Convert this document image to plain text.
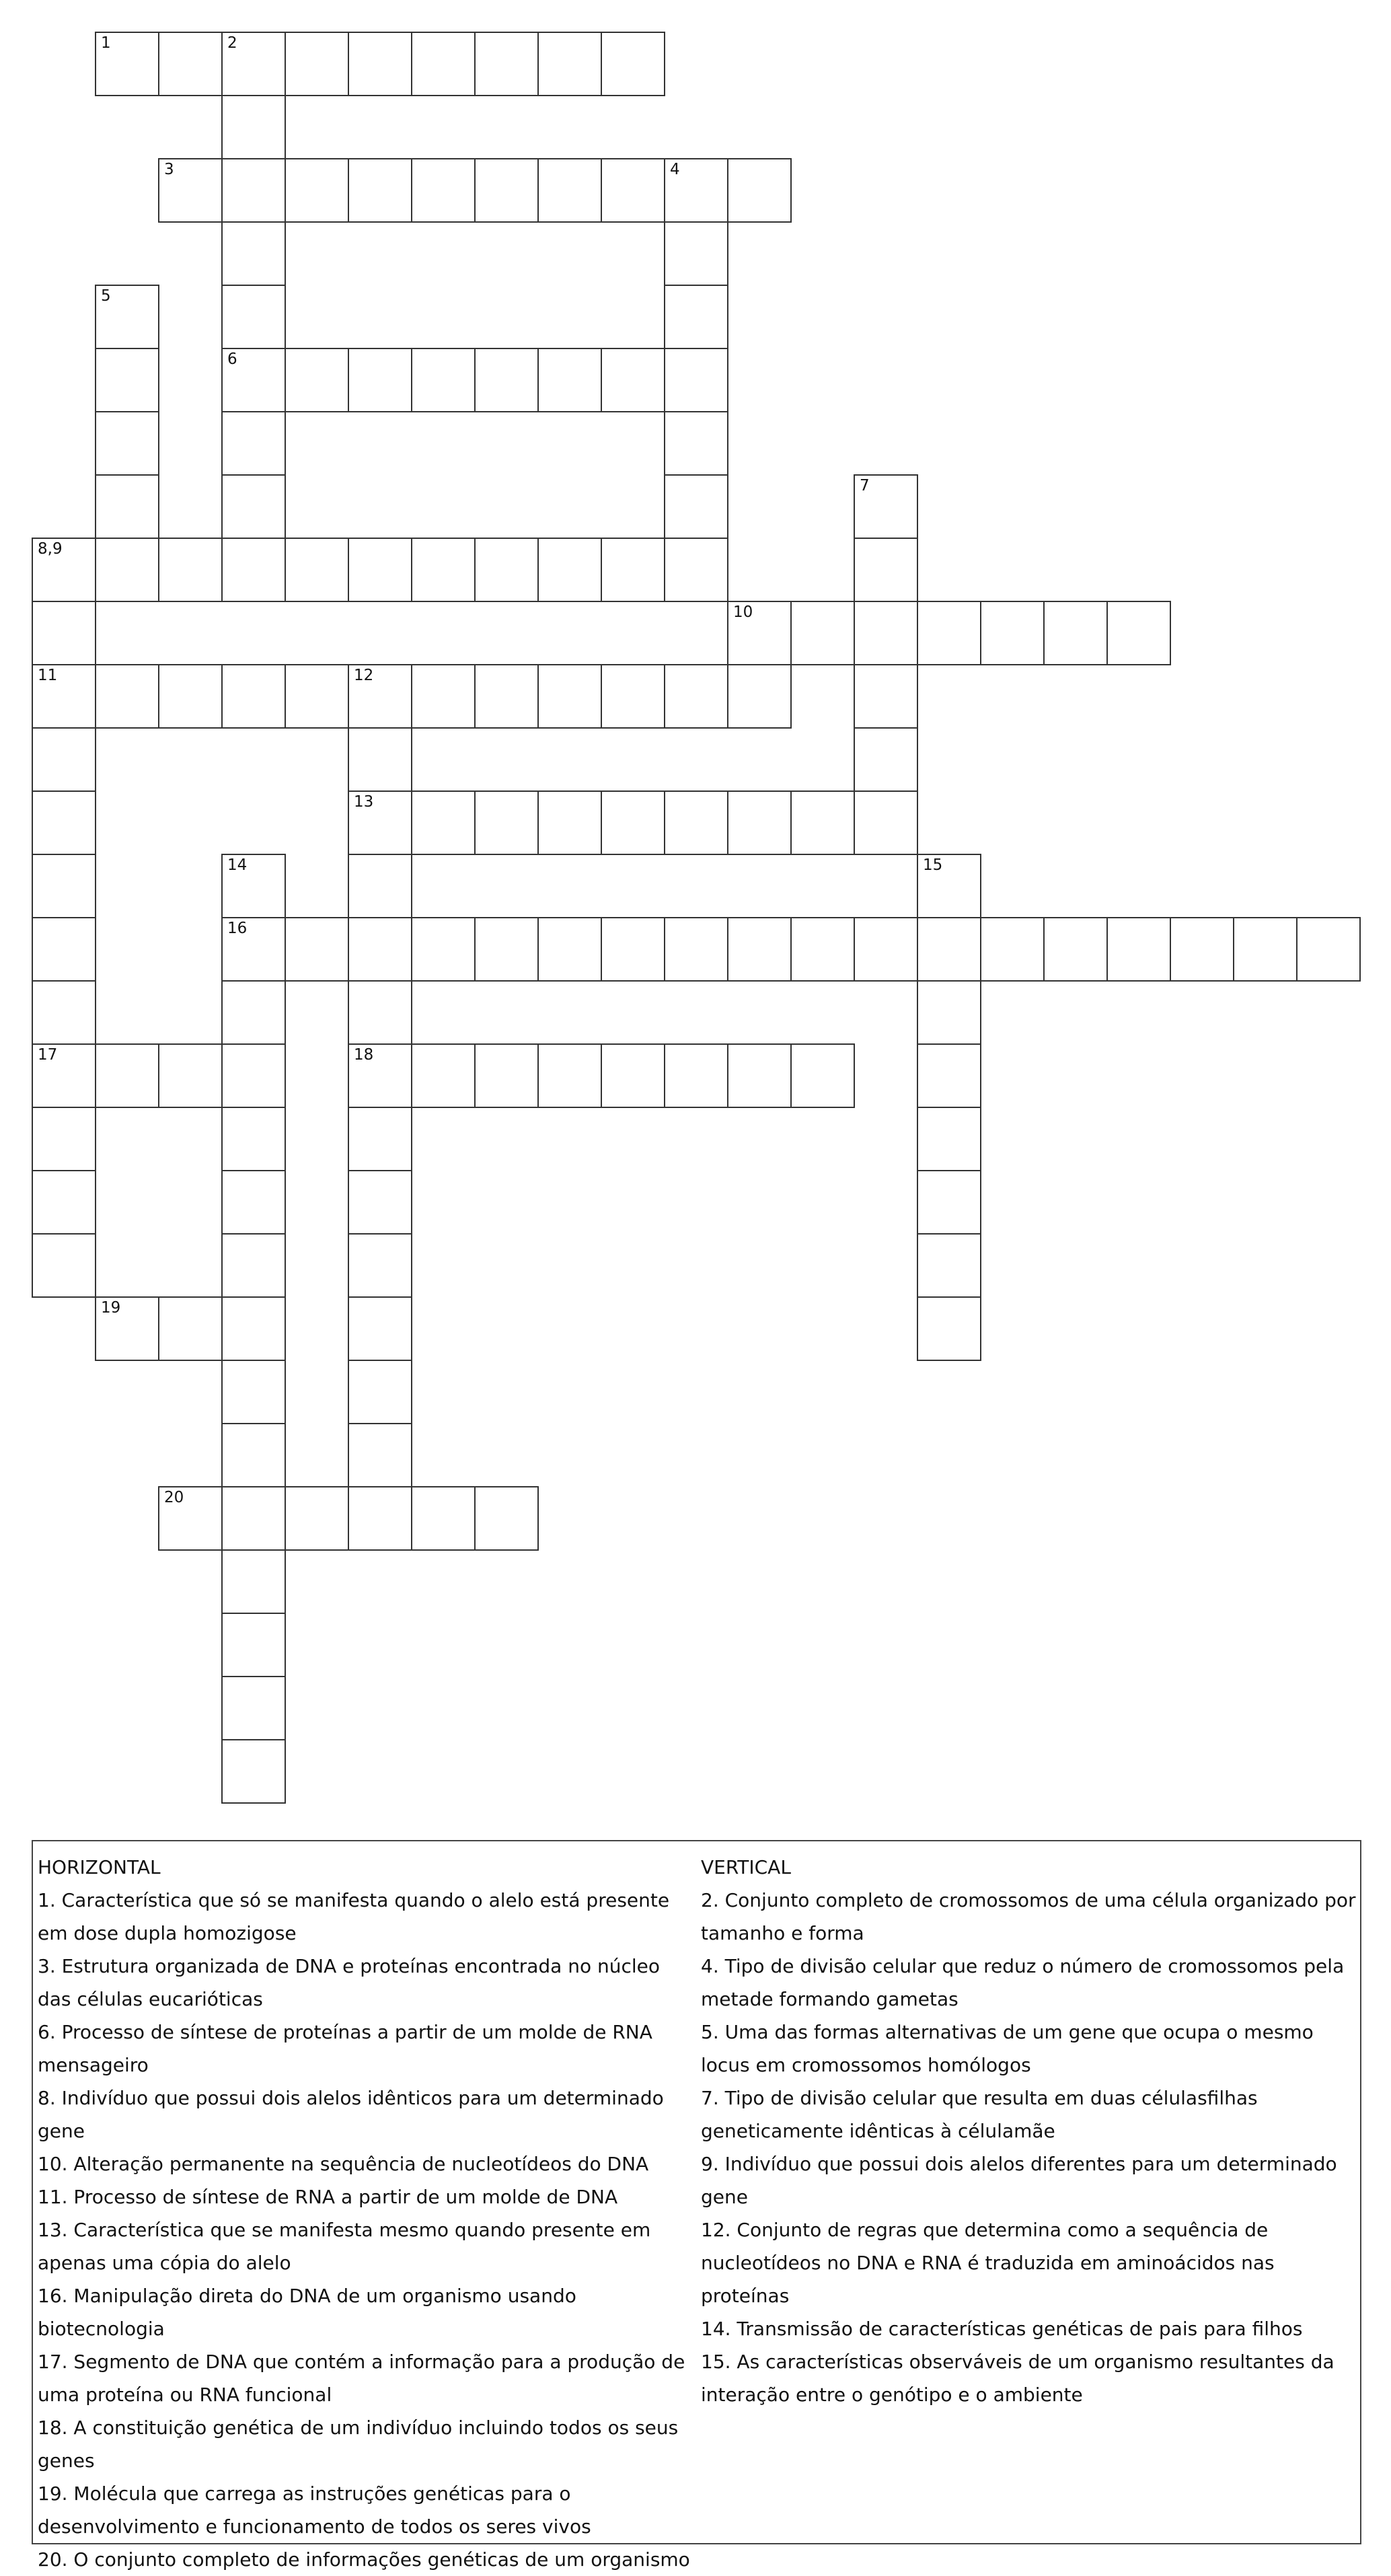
1	2
6
3	4
5
7
8,9
11
17
10
12
13
18
14
16
15
19
20
HORIZONTAL
1. Característica que só se manifesta quando o alelo está presente em dose dupla homozigose
3. Estrutura organizada de DNA e proteínas encontrada no núcleo das células eucarióticas
6. Processo de síntese de proteínas a partir de um molde de RNA mensageiro
8. Indivíduo que possui dois alelos idênticos para um determinado gene
10. Alteração permanente na sequência de nucleotídeos do DNA
11. Processo de síntese de RNA a partir de um molde de DNA
13. Característica que se manifesta mesmo quando presente em apenas uma cópia do alelo
16. Manipulação direta do DNA de um organismo usando biotecnologia
17. Segmento de DNA que contém a informação para a produção de uma proteína ou RNA funcional
18. A constituição genética de um indivíduo incluindo todos os seus genes
19. Molécula que carrega as instruções genéticas para o desenvolvimento e funcionamento de todos os seres vivos
20. O conjunto completo de informações genéticas de um organismo
VERTICAL
2. Conjunto completo de cromossomos de uma célula organizado por tamanho e forma
4. Tipo de divisão celular que reduz o número de cromossomos pela metade formando gametas
5. Uma das formas alternativas de um gene que ocupa o mesmo locus em cromossomos homólogos
7. Tipo de divisão celular que resulta em duas célulasfilhas geneticamente idênticas à célulamãe
9. Indivíduo que possui dois alelos diferentes para um determinado gene
12. Conjunto de regras que determina como a sequência de nucleotídeos no DNA e RNA é traduzida em aminoácidos nas proteínas
14. Transmissão de características genéticas de pais para filhos
15. As características observáveis de um organismo resultantes da interação entre o genótipo e o ambiente
